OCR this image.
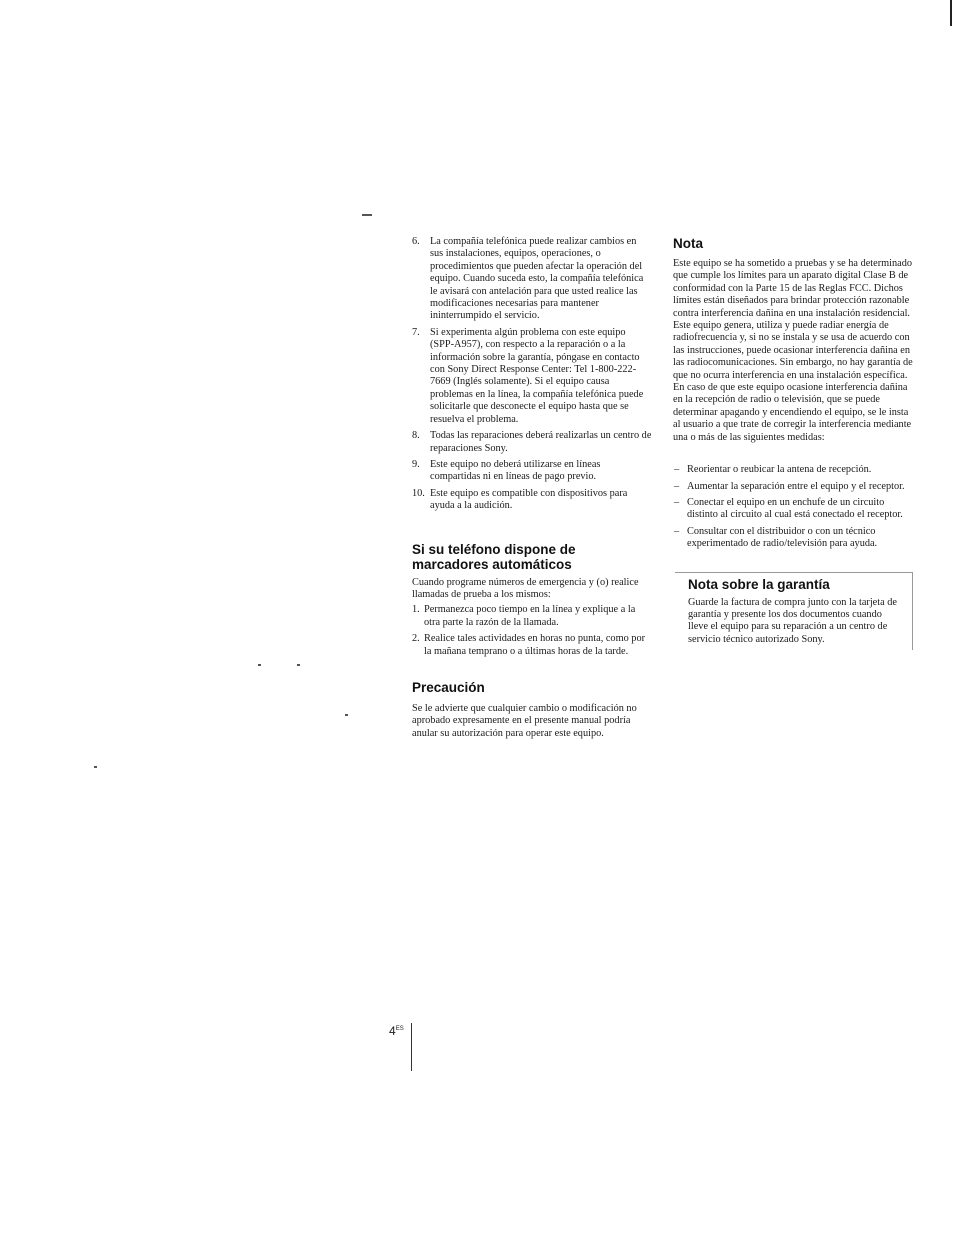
6. La compañía telefónica puede realizar cambios en sus instalaciones, equipos, operaciones, o procedimientos que pueden afectar la operación del equipo. Cuando suceda esto, la compañía telefónica le avisará con antelación para que usted realice las modificaciones necesarias para mantener ininterrumpido el servicio.
7. Si experimenta algún problema con este equipo (SPP-A957), con respecto a la reparación o a la información sobre la garantía, póngase en contacto con Sony Direct Response Center: Tel 1-800-222-7669 (Inglés solamente). Si el equipo causa problemas en la línea, la compañía telefónica puede solicitarle que desconecte el equipo hasta que se resuelva el problema.
8. Todas las reparaciones deberá realizarlas un centro de reparaciones Sony.
9. Este equipo no deberá utilizarse en líneas compartidas ni en líneas de pago previo.
10. Este equipo es compatible con dispositivos para ayuda a la audición.
Si su teléfono dispone de marcadores automáticos

Cuando programe números de emergencia y (o) realice llamadas de prueba a los mismos:

1. Permanezca poco tiempo en la línea y explique a la otra parte la razón de la llamada.
2. Realice tales actividades en horas no punta, como por la mañana temprano o a últimas horas de la tarde.
Precaución

Se le advierte que cualquier cambio o modificación no aprobado expresamente en el presente manual podría anular su autorización para operar este equipo.

Nota

Este equipo se ha sometido a pruebas y se ha determinado que cumple los límites para un aparato digital Clase B de conformidad con la Parte 15 de las Reglas FCC. Dichos límites están diseñados para brindar protección razonable contra interferencia dañina en una instalación residencial. Este equipo genera, utiliza y puede radiar energía de radiofrecuencia y, si no se instala y se usa de acuerdo con las instrucciones, puede ocasionar interferencia dañina en las radiocomunicaciones. Sin embargo, no hay garantía de que no ocurra interferencia en una instalación específica. En caso de que este equipo ocasione interferencia dañina en la recepción de radio o televisión, que se puede determinar apagando y encendiendo el equipo, se le insta al usuario a que trate de corregir la interferencia mediante una o más de las siguientes medidas:

– Reorientar o reubicar la antena de recepción.
– Aumentar la separación entre el equipo y el receptor.
– Conectar el equipo en un enchufe de un circuito distinto al circuito al cual está conectado el receptor.
– Consultar con el distribuidor o con un técnico experimentado de radio/televisión para ayuda.
Nota sobre la garantía

Guarde la factura de compra junto con la tarjeta de garantía y presente los dos documentos cuando lleve el equipo para su reparación a un centro de servicio técnico autorizado Sony.

$4^{ES}$
